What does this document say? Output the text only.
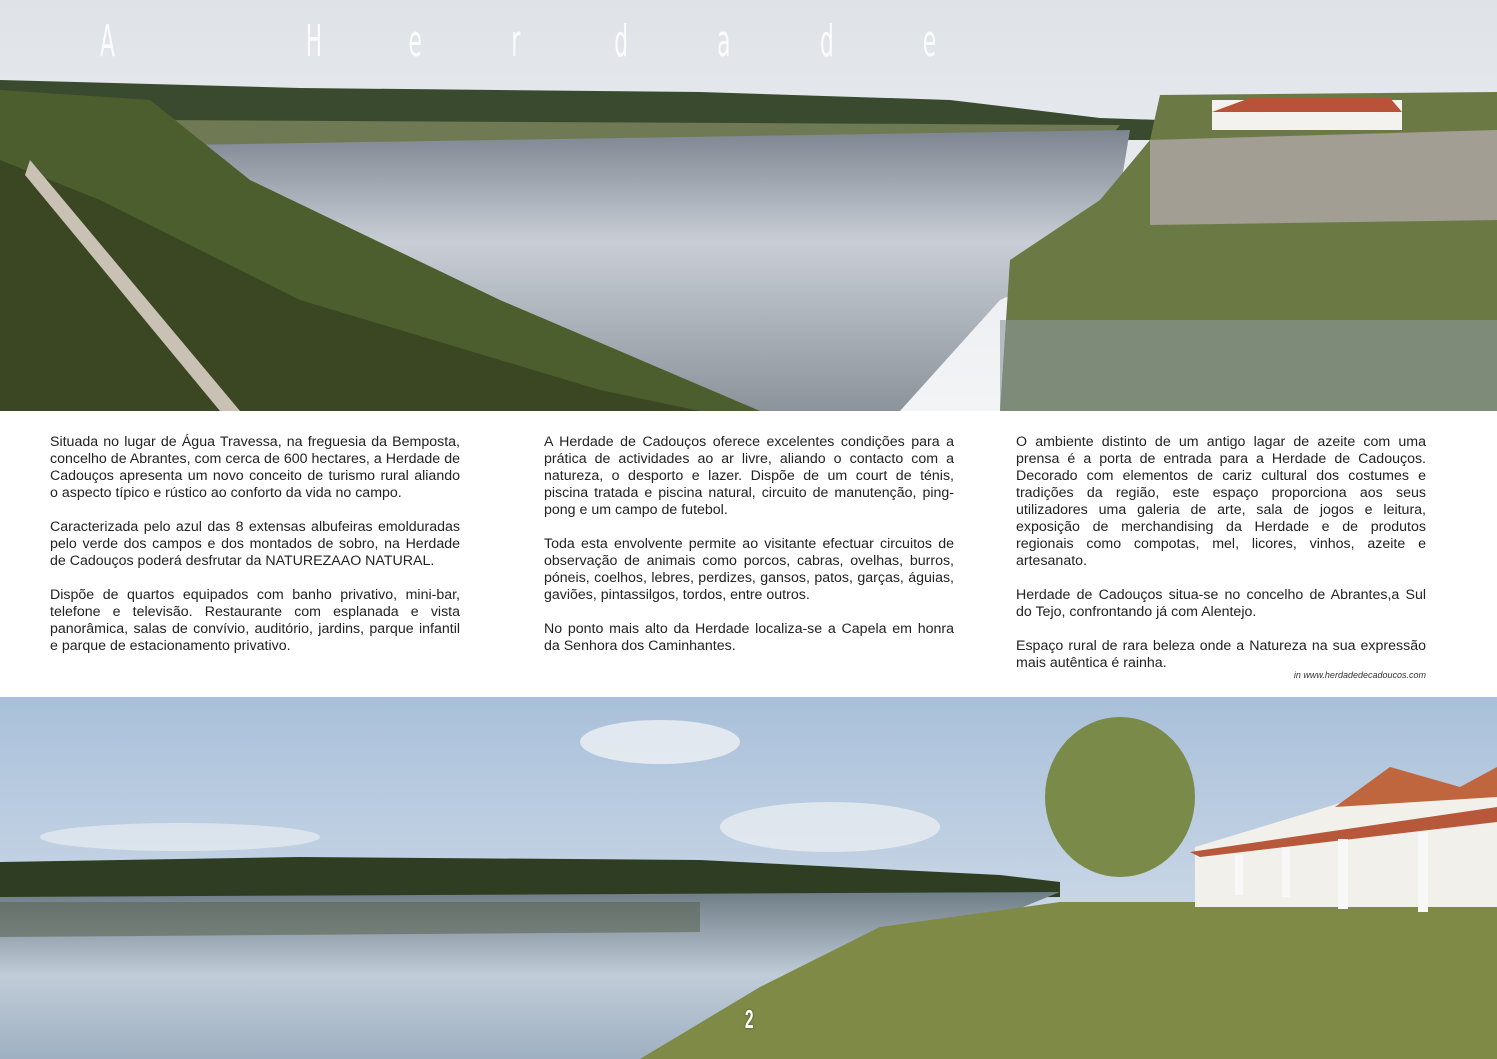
A	H	e	r	d	a	d	e

Situada no lugar de Água Travessa, na freguesia da Bemposta, concelho de Abrantes, com cerca de 600 hectares, a Herdade de Cadouços apresenta um novo conceito de turismo rural aliando o aspecto típico e rústico ao conforto da vida no campo.

Caracterizada pelo azul das 8 extensas albufeiras emolduradas pelo verde dos campos e dos montados de sobro, na Herdade de Cadouços poderá desfrutar da NATUREZAAO NATURAL.

Dispõe de quartos equipados com banho privativo, mini-bar, telefone e televisão. Restaurante com esplanada e vista panorâmica, salas de convívio, auditório, jardins, parque infantil e parque de estacionamento privativo.

A Herdade de Cadouços oferece excelentes condições para a prática de actividades ao ar livre, aliando o contacto com a natureza, o desporto e lazer. Dispõe de um court de ténis, piscina tratada e piscina natural, circuito de manutenção, ping-pong e um campo de futebol.

Toda esta envolvente permite ao visitante efectuar circuitos de observação de animais como porcos, cabras, ovelhas, burros, póneis, coelhos, lebres, perdizes, gansos, patos, garças, águias, gaviões, pintassilgos, tordos, entre outros.

No ponto mais alto da Herdade localiza-se a Capela em honra da Senhora dos Caminhantes.

O ambiente distinto de um antigo lagar de azeite com uma prensa é a porta de entrada para a Herdade de Cadouços. Decorado com elementos de cariz cultural dos costumes e tradições da região, este espaço proporciona aos seus utilizadores uma galeria de arte, sala de jogos e leitura, exposição de merchandising da Herdade e de produtos regionais como compotas, mel, licores, vinhos, azeite e artesanato.

Herdade de Cadouços situa-se no concelho de Abrantes,a Sul do Tejo, confrontando já com Alentejo.

Espaço rural de rara beleza onde a Natureza na sua expressão mais autêntica é rainha.

in www.herdadedecadoucos.com
2
